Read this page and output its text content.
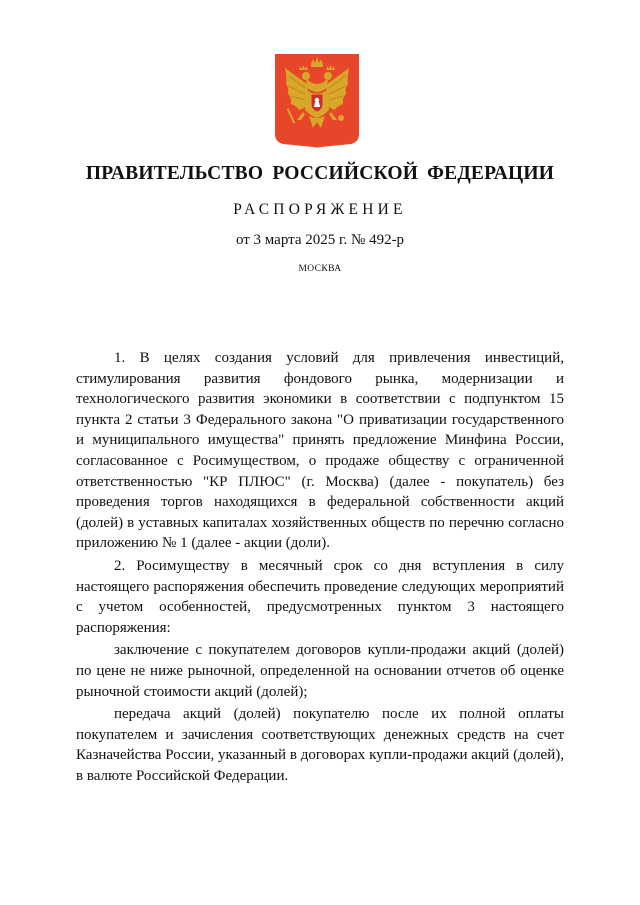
ПРАВИТЕЛЬСТВО РОССИЙСКОЙ ФЕДЕРАЦИИ
РАСПОРЯЖЕНИЕ
от 3 марта 2025 г. № 492-р
МОСКВА

1. В целях создания условий для привлечения инвестиций, стимулирования развития фондового рынка, модернизации и технологического развития экономики в соответствии с подпунктом 15 пункта 2 статьи 3 Федерального закона "О приватизации государственного и муниципального имущества" принять предложение Минфина России, согласованное с Росимуществом, о продаже обществу с ограниченной ответственностью "КР ПЛЮС" (г. Москва) (далее - покупатель) без проведения торгов находящихся в федеральной собственности акций (долей) в уставных капиталах хозяйственных обществ по перечню согласно приложению № 1 (далее - акции (доли).

2. Росимуществу в месячный срок со дня вступления в силу настоящего распоряжения обеспечить проведение следующих мероприятий с учетом особенностей, предусмотренных пунктом 3 настоящего распоряжения:

заключение с покупателем договоров купли-продажи акций (долей) по цене не ниже рыночной, определенной на основании отчетов об оценке рыночной стоимости акций (долей);

передача акций (долей) покупателю после их полной оплаты покупателем и зачисления соответствующих денежных средств на счет Казначейства России, указанный в договорах купли-продажи акций (долей), в валюте Российской Федерации.
